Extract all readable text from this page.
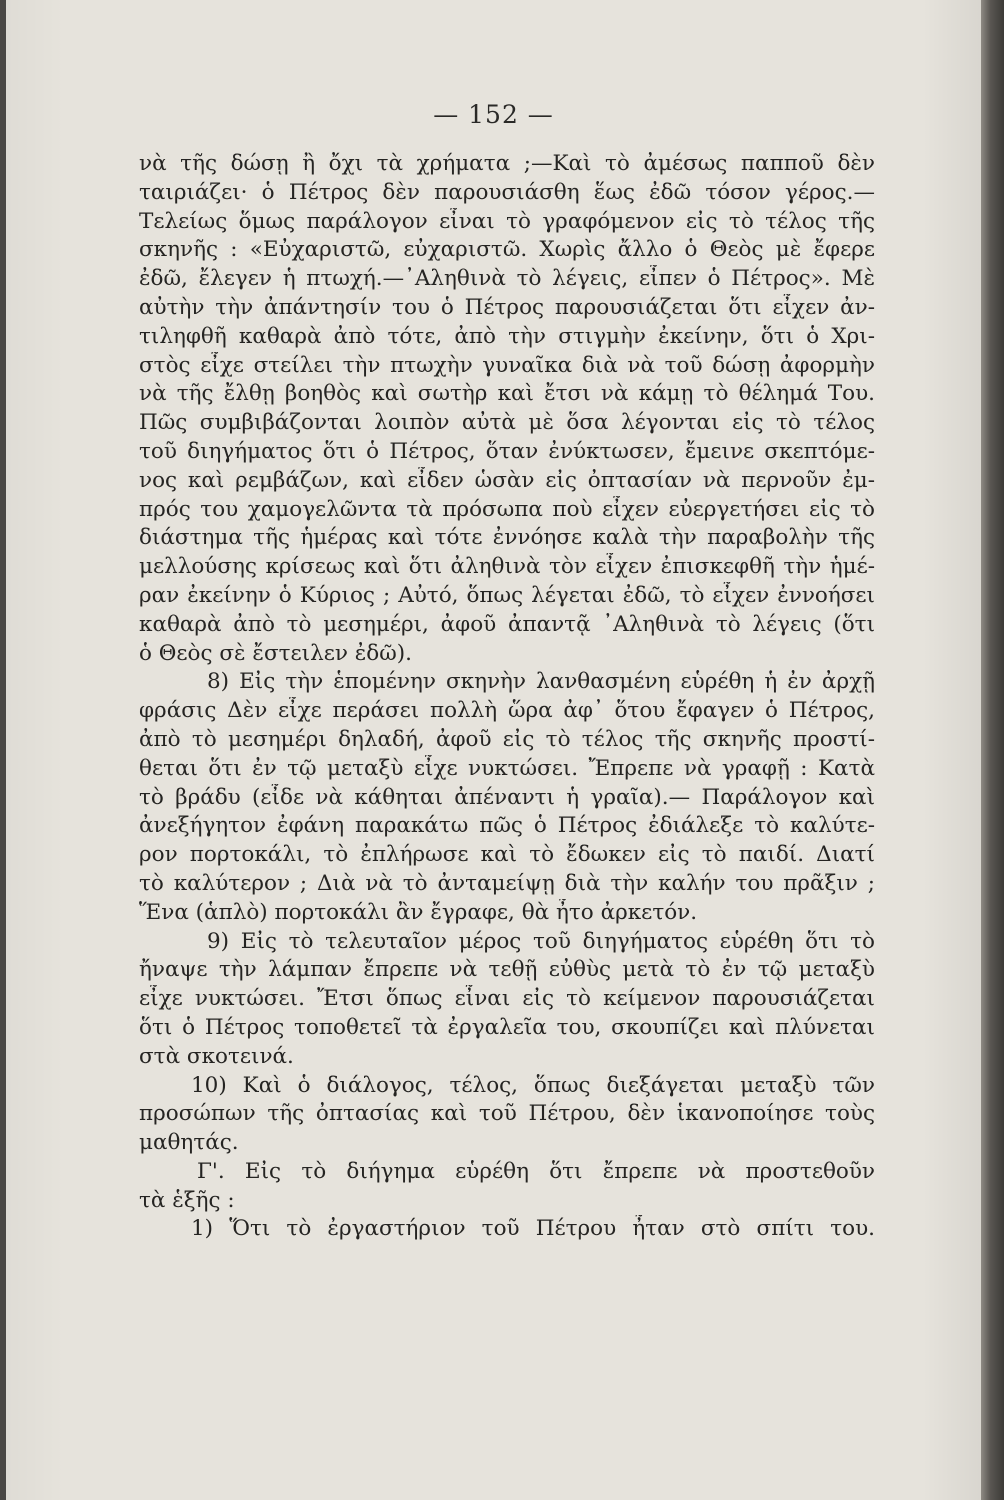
— 152 —
νὰ τῆς δώσῃ ἢ ὄχι τὰ χρήματα ;—Καὶ τὸ ἀμέσως παπποῦ δὲν
ταιριάζει· ὁ Πέτρος δὲν παρουσιάσθη ἕως ἐδῶ τόσον γέρος.—
Τελείως ὅμως παράλογον εἶναι τὸ γραφόμενον εἰς τὸ τέλος τῆς
σκηνῆς : «Εὐχαριστῶ, εὐχαριστῶ. Χωρὶς ἄλλο ὁ Θεὸς μὲ ἔφερε
ἐδῶ, ἔλεγεν ἡ πτωχή.—᾿Αληθινὰ τὸ λέγεις, εἶπεν ὁ Πέτρος». Μὲ
αὐτὴν τὴν ἀπάντησίν του ὁ Πέτρος παρουσιάζεται ὅτι εἶχεν ἀν-
τιληφθῆ καθαρὰ ἀπὸ τότε, ἀπὸ τὴν στιγμὴν ἐκείνην, ὅτι ὁ Χρι-
στὸς εἶχε στείλει τὴν πτωχὴν γυναῖκα διὰ νὰ τοῦ δώσῃ ἀφορμὴν
νὰ τῆς ἔλθῃ βοηθὸς καὶ σωτὴρ καὶ ἔτσι νὰ κάμῃ τὸ θέλημά Του.
Πῶς συμβιβάζονται λοιπὸν αὐτὰ μὲ ὅσα λέγονται εἰς τὸ τέλος
τοῦ διηγήματος ὅτι ὁ Πέτρος, ὅταν ἐνύκτωσεν, ἔμεινε σκεπτόμε-
νος καὶ ρεμβάζων, καὶ εἶδεν ὡσὰν εἰς ὀπτασίαν νὰ περνοῦν ἐμ-
πρός του χαμογελῶντα τὰ πρόσωπα ποὺ εἶχεν εὐεργετήσει εἰς τὸ
διάστημα τῆς ἡμέρας καὶ τότε ἐννόησε καλὰ τὴν παραβολὴν τῆς
μελλούσης κρίσεως καὶ ὅτι ἀληθινὰ τὸν εἶχεν ἐπισκεφθῆ τὴν ἡμέ-
ραν ἐκείνην ὁ Κύριος ; Αὐτό, ὅπως λέγεται ἐδῶ, τὸ εἶχεν ἐννοήσει
καθαρὰ ἀπὸ τὸ μεσημέρι, ἀφοῦ ἀπαντᾷ ᾿Αληθινὰ τὸ λέγεις (ὅτι
ὁ Θεὸς σὲ ἔστειλεν ἐδῶ).
8) Εἰς τὴν ἑπομένην σκηνὴν λανθασμένη εὑρέθη ἡ ἐν ἀρχῇ
φράσις Δὲν εἶχε περάσει πολλὴ ὥρα ἀφ᾿ ὅτου ἔφαγεν ὁ Πέτρος,
ἀπὸ τὸ μεσημέρι δηλαδή, ἀφοῦ εἰς τὸ τέλος τῆς σκηνῆς προστί-
θεται ὅτι ἐν τῷ μεταξὺ εἶχε νυκτώσει. Ἔπρεπε νὰ γραφῇ : Κατὰ
τὸ βράδυ (εἶδε νὰ κάθηται ἀπέναντι ἡ γραῖα).— Παράλογον καὶ
ἀνεξήγητον ἐφάνη παρακάτω πῶς ὁ Πέτρος ἐδιάλεξε τὸ καλύτε-
ρον πορτοκάλι, τὸ ἐπλήρωσε καὶ τὸ ἔδωκεν εἰς τὸ παιδί. Διατί
τὸ καλύτερον ; Διὰ νὰ τὸ ἀνταμείψῃ διὰ τὴν καλήν του πρᾶξιν ;
Ἕνα (ἁπλὸ) πορτοκάλι ἂν ἔγραφε, θὰ ἦτο ἀρκετόν.
9) Εἰς τὸ τελευταῖον μέρος τοῦ διηγήματος εὑρέθη ὅτι τὸ
ἤναψε τὴν λάμπαν ἔπρεπε νὰ τεθῇ εὐθὺς μετὰ τὸ ἐν τῷ μεταξὺ
εἶχε νυκτώσει. Ἔτσι ὅπως εἶναι εἰς τὸ κείμενον παρουσιάζεται
ὅτι ὁ Πέτρος τοποθετεῖ τὰ ἐργαλεῖα του, σκουπίζει καὶ πλύνεται
στὰ σκοτεινά.
10) Καὶ ὁ διάλογος, τέλος, ὅπως διεξάγεται μεταξὺ τῶν
προσώπων τῆς ὀπτασίας καὶ τοῦ Πέτρου, δὲν ἱκανοποίησε τοὺς
μαθητάς.
Γ'. Εἰς τὸ διήγημα εὑρέθη ὅτι ἔπρεπε νὰ προστεθοῦν
τὰ ἑξῆς :
1) Ὅτι τὸ ἐργαστήριον τοῦ Πέτρου ἦταν στὸ σπίτι του.
